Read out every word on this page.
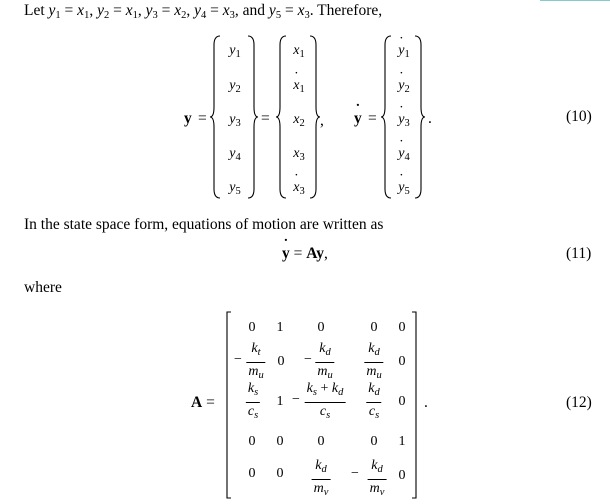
Let $y_1 = x_1$, $y_2$ = ˙ $x_1$, $y_3 = x_2$, $y_4 = x_3$, and $y_5$ = ˙ $x_3$. Therefore,
y =
$y_1$
$y_2$
$y_3$
$y_4$
$y_5$
=
$x_1$
˙ $x_1$
$x_2$
$x_3$
˙ $x_3$
,
˙ y =
˙ $y_1$
˙ $y_2$
˙ $y_3$
˙ $y_4$
˙ $y_5$
.	(10)
In the state space form, equations of motion are written as
˙ y = Ay,	(11)
where
A =
0 1 0	0 0
−
$k_t$
$m_u$
0 −
$k_d$
$m_u$
$k_d$
$m_u$
0
$k_s$
$c_s$
1 −
$k_s + k_d$
$c_s$
$k_d$
$c_s$
0
0 0 0	0 1
0 0
$k_d$
$m_v$
−
$k_d$
$m_v$
0
.	(12)
